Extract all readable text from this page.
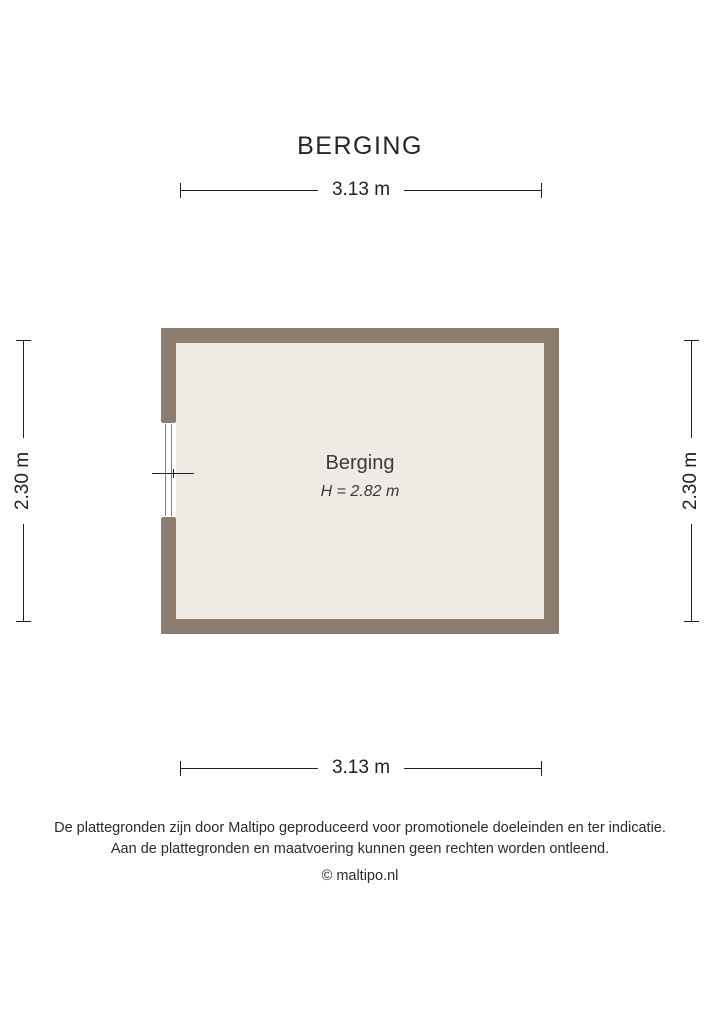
BERGING
3.13 m
2.30 m	2.30 m
Berging
H = 2.82 m
3.13 m
De plattegronden zijn door Maltipo geproduceerd voor promotionele doeleinden en ter indicatie.
Aan de plattegronden en maatvoering kunnen geen rechten worden ontleend.
© maltipo.nl
